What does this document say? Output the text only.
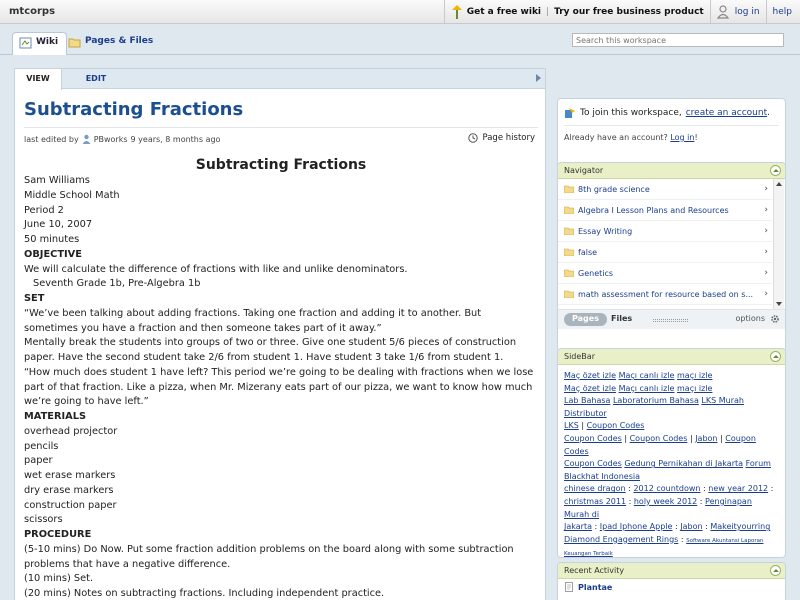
mtcorps	Get a free wiki | Try our free business product	log in help
Wiki	Pages & Files
Search this workspace
VIEW	EDIT
Subtracting Fractions
last edited by PBworks 9 years, 8 months ago	Page history
Subtracting Fractions
Sam Williams
Middle School Math
Period 2
June 10, 2007
50 minutes
OBJECTIVE
We will calculate the difference of fractions with like and unlike denominators.
Seventh Grade 1b, Pre-Algebra 1b
SET

“We’ve been talking about adding fractions. Taking one fraction and adding it to another. But sometimes you have a fraction and then someone takes part of it away.”

Mentally break the students into groups of two or three. Give one student 5/6 pieces of construction paper. Have the second student take 2/6 from student 1. Have student 3 take 1/6 from student 1.

“How much does student 1 have left? This period we’re going to be dealing with fractions when we lose part of that fraction. Like a pizza, when Mr. Mizerany eats part of our pizza, we want to know how much we’re going to have left.”

MATERIALS
overhead projector
pencils
paper
wet erase markers
dry erase markers
construction paper
scissors
PROCEDURE

(5-10 mins) Do Now. Put some fraction addition problems on the board along with some subtraction problems that have a negative difference.

(10 mins) Set.
(20 mins) Notes on subtracting fractions. Including independent practice.
To join this workspace, create an account .
Already have an account? Log in!
Navigator
8th grade science	›
Algebra I Lesson Plans and Resources	›
Essay Writing	›
false	›
Genetics	›
math assessment for resource based on s... ›
Pages	Files	options
SideBar
Maç özet izle Maçı canlı izle maçı izle
Maç özet izle Maçı canlı izle maçı izle
Lab Bahasa Laboratorium Bahasa LKS Murah Distributor
LKS | Coupon Codes
Coupon Codes | Coupon Codes | Jabon | Coupon Codes
Coupon Codes Gedung Pernikahan di Jakarta Forum
Blackhat Indonesia
chinese dragon : 2012 countdown : new year 2012 :
christmas 2011 : holy week 2012 : Penginapan Murah di
Jakarta : Ipad Iphone Apple : Jabon : Makeityourring
Diamond Engagement Rings : Software Akuntansi Laporan
Keuangan Terbaik
Recent Activity
Plantae
